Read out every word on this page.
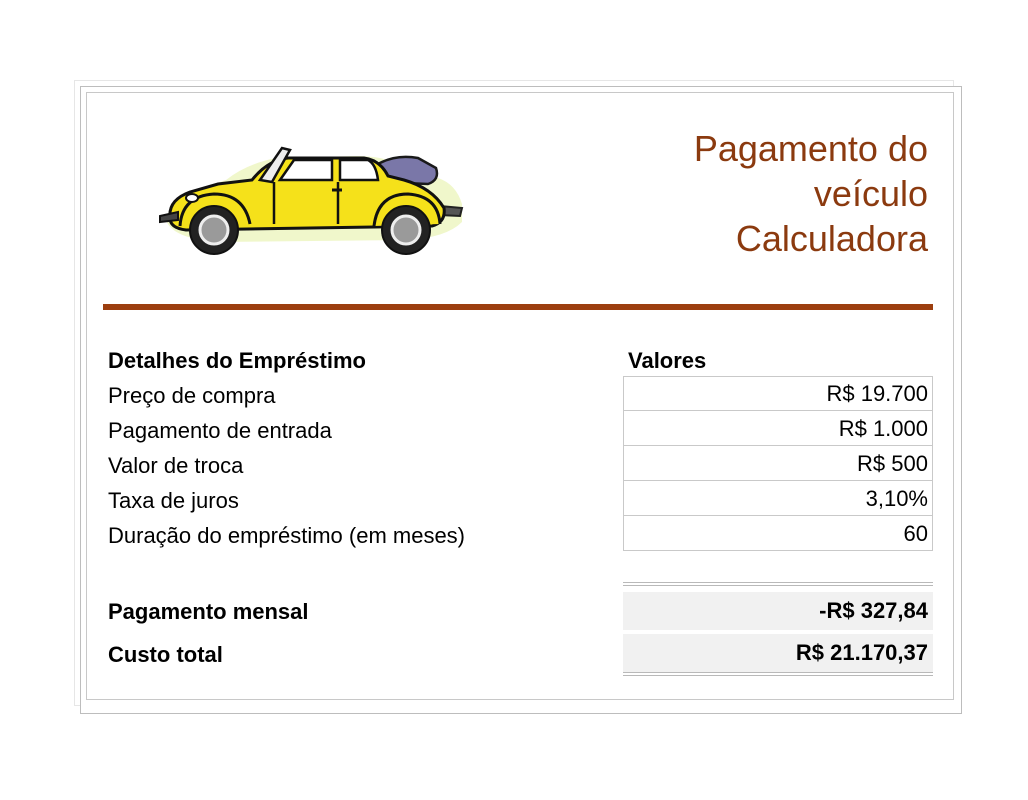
Pagamento do
veículo
Calculadora
Detalhes do Empréstimo	Valores
Preço de compra
Pagamento de entrada
Valor de troca
Taxa de juros
Duração do empréstimo (em meses)
R$ 19.700
R$ 1.000
R$ 500
3,10%
60
-R$ 327,84
R$ 21.170,37
Pagamento mensal
Custo total
